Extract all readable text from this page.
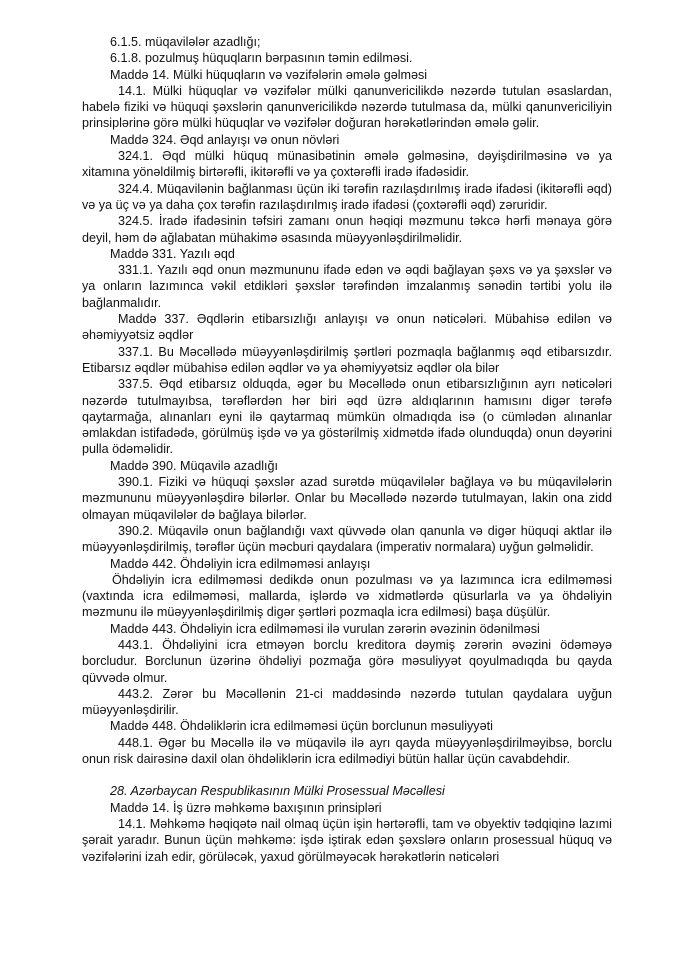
6.1.5. müqavilələr azadlığı;

6.1.8. pozulmuş hüquqların bərpasının təmin edilməsi.

Maddə 14. Mülki hüquqların və vəzifələrin əmələ gəlməsi

14.1. Mülki hüquqlar və vəzifələr mülki qanunvericilikdə nəzərdə tutulan əsaslardan, habelə fiziki və hüquqi şəxslərin qanunvericilikdə nəzərdə tutulmasa da, mülki qanunvericiliyin prinsiplərinə görə mülki hüquqlar və vəzifələr doğuran hərəkətlərindən əmələ gəlir.

Maddə 324. Əqd anlayışı və onun növləri

324.1. Əqd mülki hüquq münasibətinin əmələ gəlməsinə, dəyişdirilməsinə və ya xitamına yönəldilmiş birtərəfli, ikitərəfli və ya çoxtərəfli iradə ifadəsidir.

324.4. Müqavilənin bağlanması üçün iki tərəfin razılaşdırılmış iradə ifadəsi (ikitərəfli əqd) və ya üç və ya daha çox tərəfin razılaşdırılmış iradə ifadəsi (çoxtərəfli əqd) zəruridir.

324.5. İradə ifadəsinin təfsiri zamanı onun həqiqi məzmunu təkcə hərfi mənaya görə deyil, həm də ağlabatan mühakimə əsasında müəyyənləşdirilməlidir.

Maddə 331. Yazılı əqd

331.1. Yazılı əqd onun məzmununu ifadə edən və əqdi bağlayan şəxs və ya şəxslər və ya onların lazımınca vəkil etdikləri şəxslər tərəfindən imzalanmış sənədin tərtibi yolu ilə bağlanmalıdır.

Maddə 337. Əqdlərin etibarsızlığı anlayışı və onun nəticələri. Mübahisə edilən və əhəmiyyətsiz əqdlər

337.1. Bu Məcəllədə müəyyənləşdirilmiş şərtləri pozmaqla bağlanmış əqd etibarsızdır. Etibarsız əqdlər mübahisə edilən əqdlər və ya əhəmiyyətsiz əqdlər ola bilər

337.5. Əqd etibarsız olduqda, əgər bu Məcəllədə onun etibarsızlığının ayrı nəticələri nəzərdə tutulmayıbsa, tərəflərdən hər biri əqd üzrə aldıqlarının hamısını digər tərəfə qaytarmağa, alınanları eyni ilə qaytarmaq mümkün olmadıqda isə (o cümlədən alınanlar əmlakdan istifadədə, görülmüş işdə və ya göstərilmiş xidmətdə ifadə olunduqda) onun dəyərini pulla ödəməlidir.

Maddə 390. Müqavilə azadlığı

390.1. Fiziki və hüquqi şəxslər azad surətdə müqavilələr bağlaya və bu müqavilələrin məzmununu müəyyənləşdirə bilərlər. Onlar bu Məcəllədə nəzərdə tutulmayan, lakin ona zidd olmayan müqavilələr də bağlaya bilərlər.

390.2. Müqavilə onun bağlandığı vaxt qüvvədə olan qanunla və digər hüquqi aktlar ilə müəyyənləşdirilmiş, tərəflər üçün məcburi qaydalara (imperativ normalara) uyğun gəlməlidir.

Maddə 442. Öhdəliyin icra edilməməsi anlayışı

Öhdəliyin icra edilməməsi dedikdə onun pozulması və ya lazımınca icra edilməməsi (vaxtında icra edilməməsi, mallarda, işlərdə və xidmətlərdə qüsurlarla və ya öhdəliyin məzmunu ilə müəyyənləşdirilmiş digər şərtləri pozmaqla icra edilməsi) başa düşülür.

Maddə 443. Öhdəliyin icra edilməməsi ilə vurulan zərərin əvəzinin ödənilməsi

443.1. Öhdəliyini icra etməyən borclu kreditora dəymiş zərərin əvəzini ödəməyə borcludur. Borclunun üzərinə öhdəliyi pozmağa görə məsuliyyət qoyulmadıqda bu qayda qüvvədə olmur.

443.2. Zərər bu Məcəllənin 21-ci maddəsində nəzərdə tutulan qaydalara uyğun müəyyənləşdirilir.

Maddə 448. Öhdəliklərin icra edilməməsi üçün borclunun məsuliyyəti

448.1. Əgər bu Məcəllə ilə və müqavilə ilə ayrı qayda müəyyənləşdirilməyibsə, borclu onun risk dairəsinə daxil olan öhdəliklərin icra edilmədiyi bütün hallar üçün cavabdehdir.

28. Azərbaycan Respublikasının Mülki Prosessual Məcəllesi

Maddə 14. İş üzrə məhkəmə baxışının prinsipləri

14.1. Məhkəmə həqiqətə nail olmaq üçün işin hərtərəfli, tam və obyektiv tədqiqinə lazımi şərait yaradır. Bunun üçün məhkəmə: işdə iştirak edən şəxslərə onların prosessual hüquq və vəzifələrini izah edir, görüləcək, yaxud görülməyəcək hərəkətlərin nəticələri
